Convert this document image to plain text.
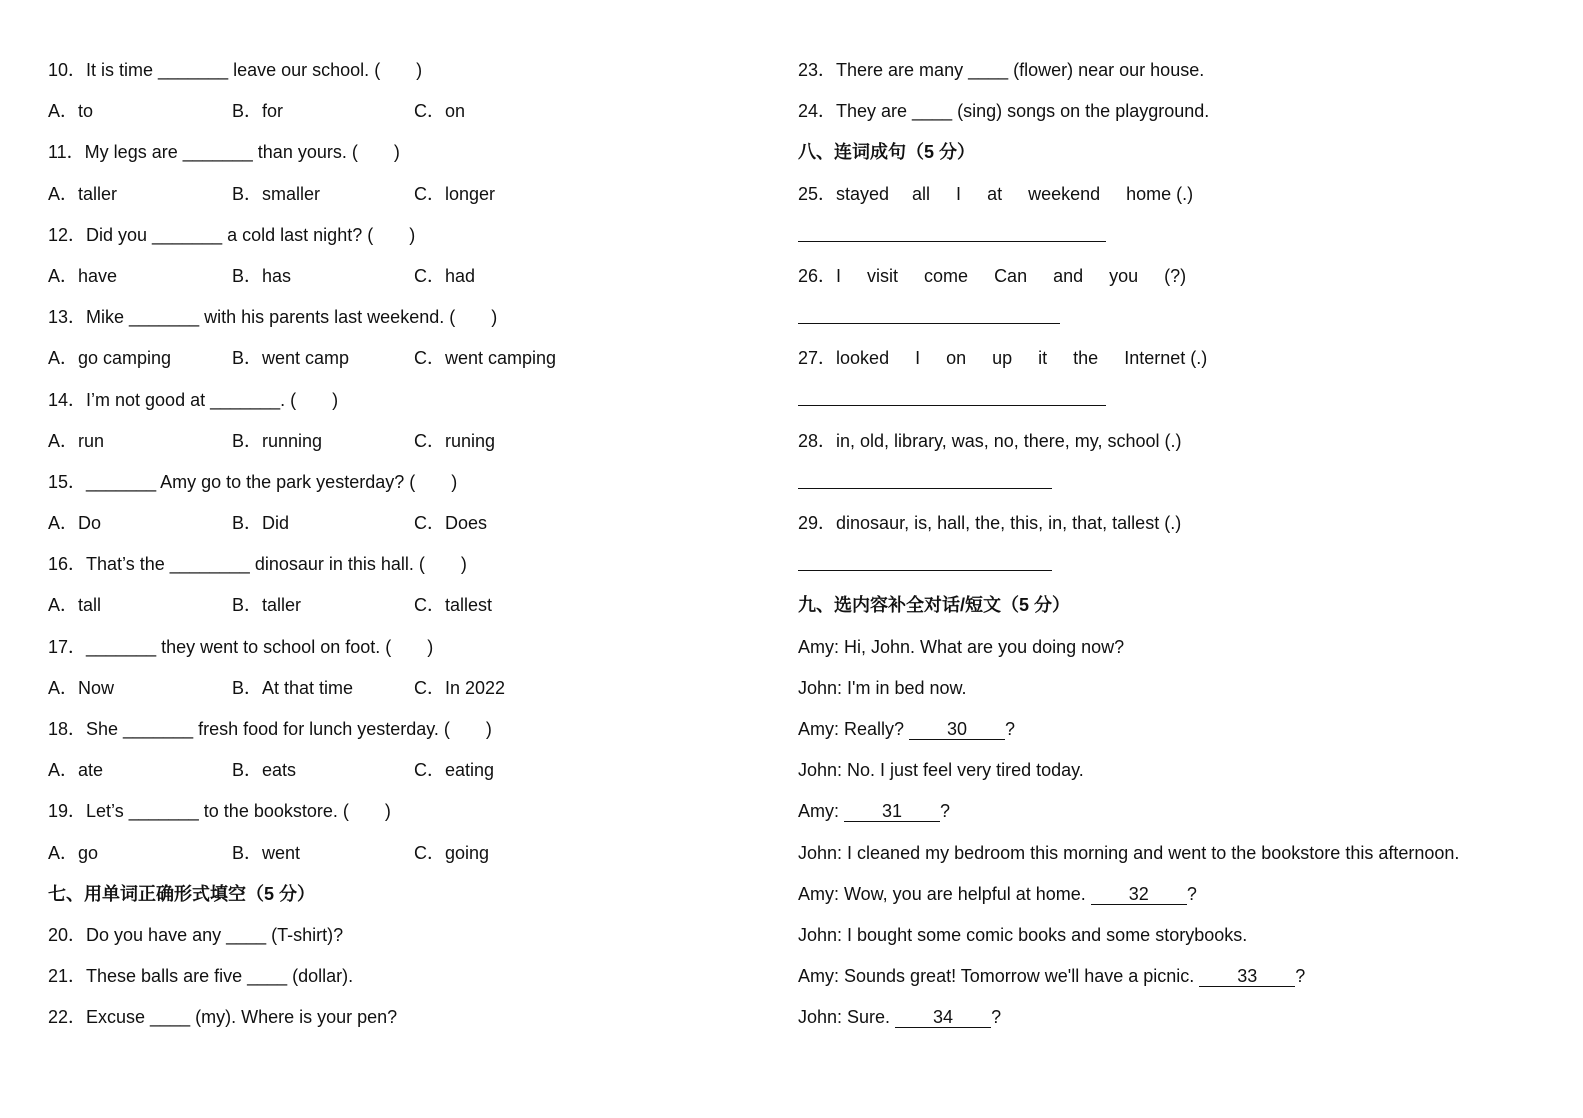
10．It is time _______ leave our school. (　　)
A．to	B．for	C．on
11．My legs are _______ than yours. (　　)
A．taller	B．smaller	C．longer
12．Did you _______ a cold last night? (　　)
A．have	B．has	C．had
13．Mike _______ with his parents last weekend. (　　)
A．go camping	B．went camp	C．went camping
14．I’m not good at _______. (　　)
A．run	B．running	C．runing
15．_______ Amy go to the park yesterday? (　　)
A．Do	B．Did	C．Does
16．That’s the ________ dinosaur in this hall. (　　)
A．tall	B．taller	C．tallest
17．_______ they went to school on foot. (　　)
A．Now	B．At that time	C．In 2022
18．She _______ fresh food for lunch yesterday. (　　)
A．ate	B．eats	C．eating
19．Let’s _______ to the bookstore. (　　)
A．go	B．went	C．going
七、用单词正确形式填空（5 分）
20．Do you have any ____ (T-shirt)?
21．These balls are five ____ (dollar).
22．Excuse ____ (my). Where is your pen?
23．There are many ____ (flower) near our house.
24．They are ____ (sing) songs on the playground.
八、连词成句（5 分）
25．stayed all I at weekend home (.)
26．I visit come Can and you (?)
27．looked I on up it the Internet (.)
28．in, old, library, was, no, there, my, school (.)
29．dinosaur, is, hall, the, this, in, that, tallest (.)
九、选内容补全对话/短文（5 分）
Amy: Hi, John. What are you doing now?
John: I'm in bed now.
Amy: Really? 30 ?
John: No. I just feel very tired today.
Amy: 31 ?
John: I cleaned my bedroom this morning and went to the bookstore this afternoon.
Amy: Wow, you are helpful at home. 32 ?
John: I bought some comic books and some storybooks.
Amy: Sounds great! Tomorrow we'll have a picnic. 33 ?
John: Sure. 34 ?
